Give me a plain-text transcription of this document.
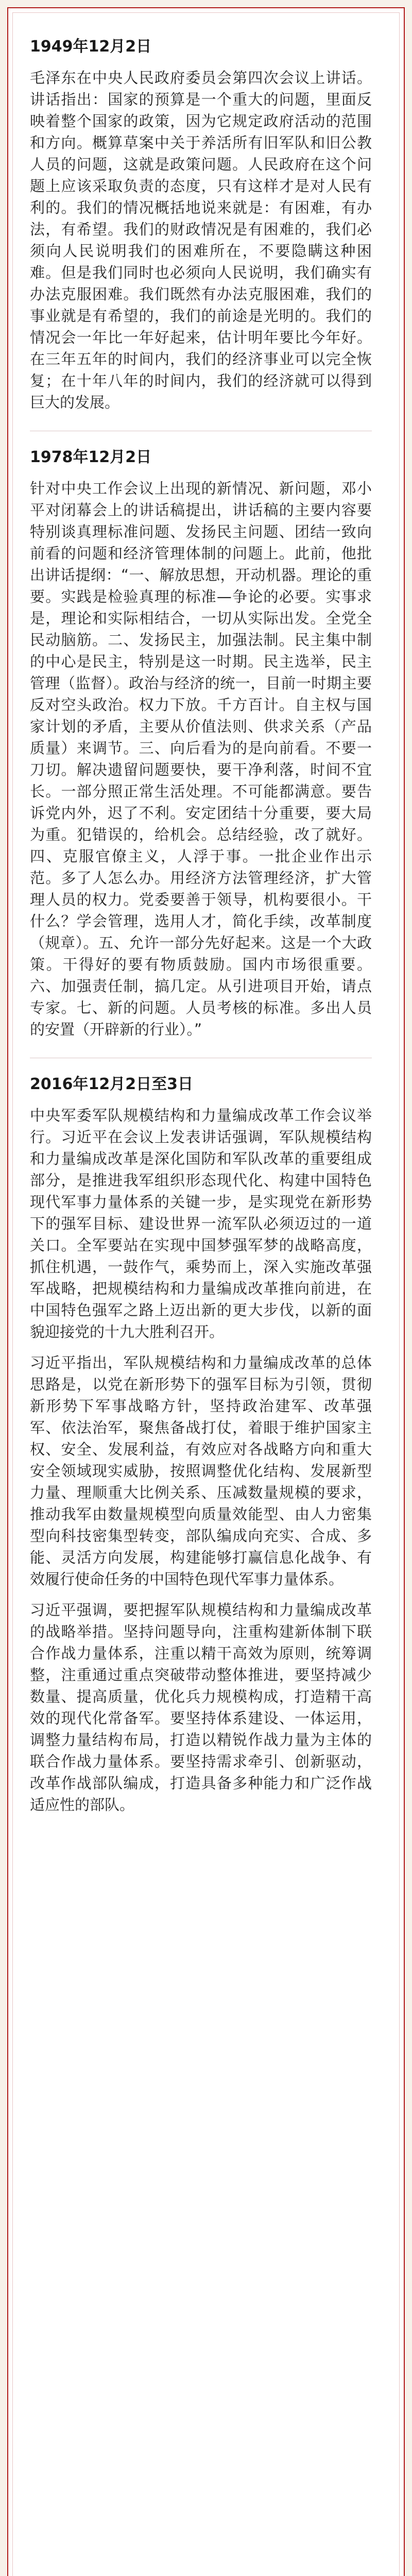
1949年12月2日

毛泽东在中央人民政府委员会第四次会议上讲话。讲话指出：国家的预算是一个重大的问题，里面反映着整个国家的政策，因为它规定政府活动的范围和方向。概算草案中关于养活所有旧军队和旧公教人员的问题，这就是政策问题。人民政府在这个问题上应该采取负责的态度，只有这样才是对人民有利的。我们的情况概括地说来就是：有困难，有办法，有希望。我们的财政情况是有困难的，我们必须向人民说明我们的困难所在，不要隐瞒这种困难。但是我们同时也必须向人民说明，我们确实有办法克服困难。我们既然有办法克服困难，我们的事业就是有希望的，我们的前途是光明的。我们的情况会一年比一年好起来，估计明年要比今年好。在三年五年的时间内，我们的经济事业可以完全恢复；在十年八年的时间内，我们的经济就可以得到巨大的发展。

1978年12月2日

针对中央工作会议上出现的新情况、新问题，邓小平对闭幕会上的讲话稿提出，讲话稿的主要内容要特别谈真理标准问题、发扬民主问题、团结一致向前看的问题和经济管理体制的问题上。此前，他批出讲话提纲：“一、解放思想，开动机器。理论的重要。实践是检验真理的标准—争论的必要。实事求是，理论和实际相结合，一切从实际出发。全党全民动脑筋。二、发扬民主，加强法制。民主集中制的中心是民主，特别是这一时期。民主选举，民主管理（监督）。政治与经济的统一，目前一时期主要反对空头政治。权力下放。千方百计。自主权与国家计划的矛盾，主要从价值法则、供求关系（产品质量）来调节。三、向后看为的是向前看。不要一刀切。解决遗留问题要快，要干净利落，时间不宜长。一部分照正常生活处理。不可能都满意。要告诉党内外，迟了不利。安定团结十分重要，要大局为重。犯错误的，给机会。总结经验，改了就好。四、克服官僚主义，人浮于事。一批企业作出示范。多了人怎么办。用经济方法管理经济，扩大管理人员的权力。党委要善于领导，机构要很小。干什么？学会管理，选用人才，简化手续，改革制度（规章）。五、允许一部分先好起来。这是一个大政策。干得好的要有物质鼓励。国内市场很重要。六、加强责任制，搞几定。从引进项目开始，请点专家。七、新的问题。人员考核的标准。多出人员的安置（开辟新的行业）。”

2016年12月2日至3日

中央军委军队规模结构和力量编成改革工作会议举行。习近平在会议上发表讲话强调，军队规模结构和力量编成改革是深化国防和军队改革的重要组成部分，是推进我军组织形态现代化、构建中国特色现代军事力量体系的关键一步，是实现党在新形势下的强军目标、建设世界一流军队必须迈过的一道关口。全军要站在实现中国梦强军梦的战略高度，抓住机遇，一鼓作气，乘势而上，深入实施改革强军战略，把规模结构和力量编成改革推向前进，在中国特色强军之路上迈出新的更大步伐，以新的面貌迎接党的十九大胜利召开。

习近平指出，军队规模结构和力量编成改革的总体思路是，以党在新形势下的强军目标为引领，贯彻新形势下军事战略方针，坚持政治建军、改革强军、依法治军，聚焦备战打仗，着眼于维护国家主权、安全、发展利益，有效应对各战略方向和重大安全领域现实威胁，按照调整优化结构、发展新型力量、理顺重大比例关系、压减数量规模的要求，推动我军由数量规模型向质量效能型、由人力密集型向科技密集型转变，部队编成向充实、合成、多能、灵活方向发展，构建能够打赢信息化战争、有效履行使命任务的中国特色现代军事力量体系。

习近平强调，要把握军队规模结构和力量编成改革的战略举措。坚持问题导向，注重构建新体制下联合作战力量体系，注重以精干高效为原则，统筹调整，注重通过重点突破带动整体推进，要坚持减少数量、提高质量，优化兵力规模构成，打造精干高效的现代化常备军。要坚持体系建设、一体运用，调整力量结构布局，打造以精锐作战力量为主体的联合作战力量体系。要坚持需求牵引、创新驱动，改革作战部队编成，打造具备多种能力和广泛作战适应性的部队。
